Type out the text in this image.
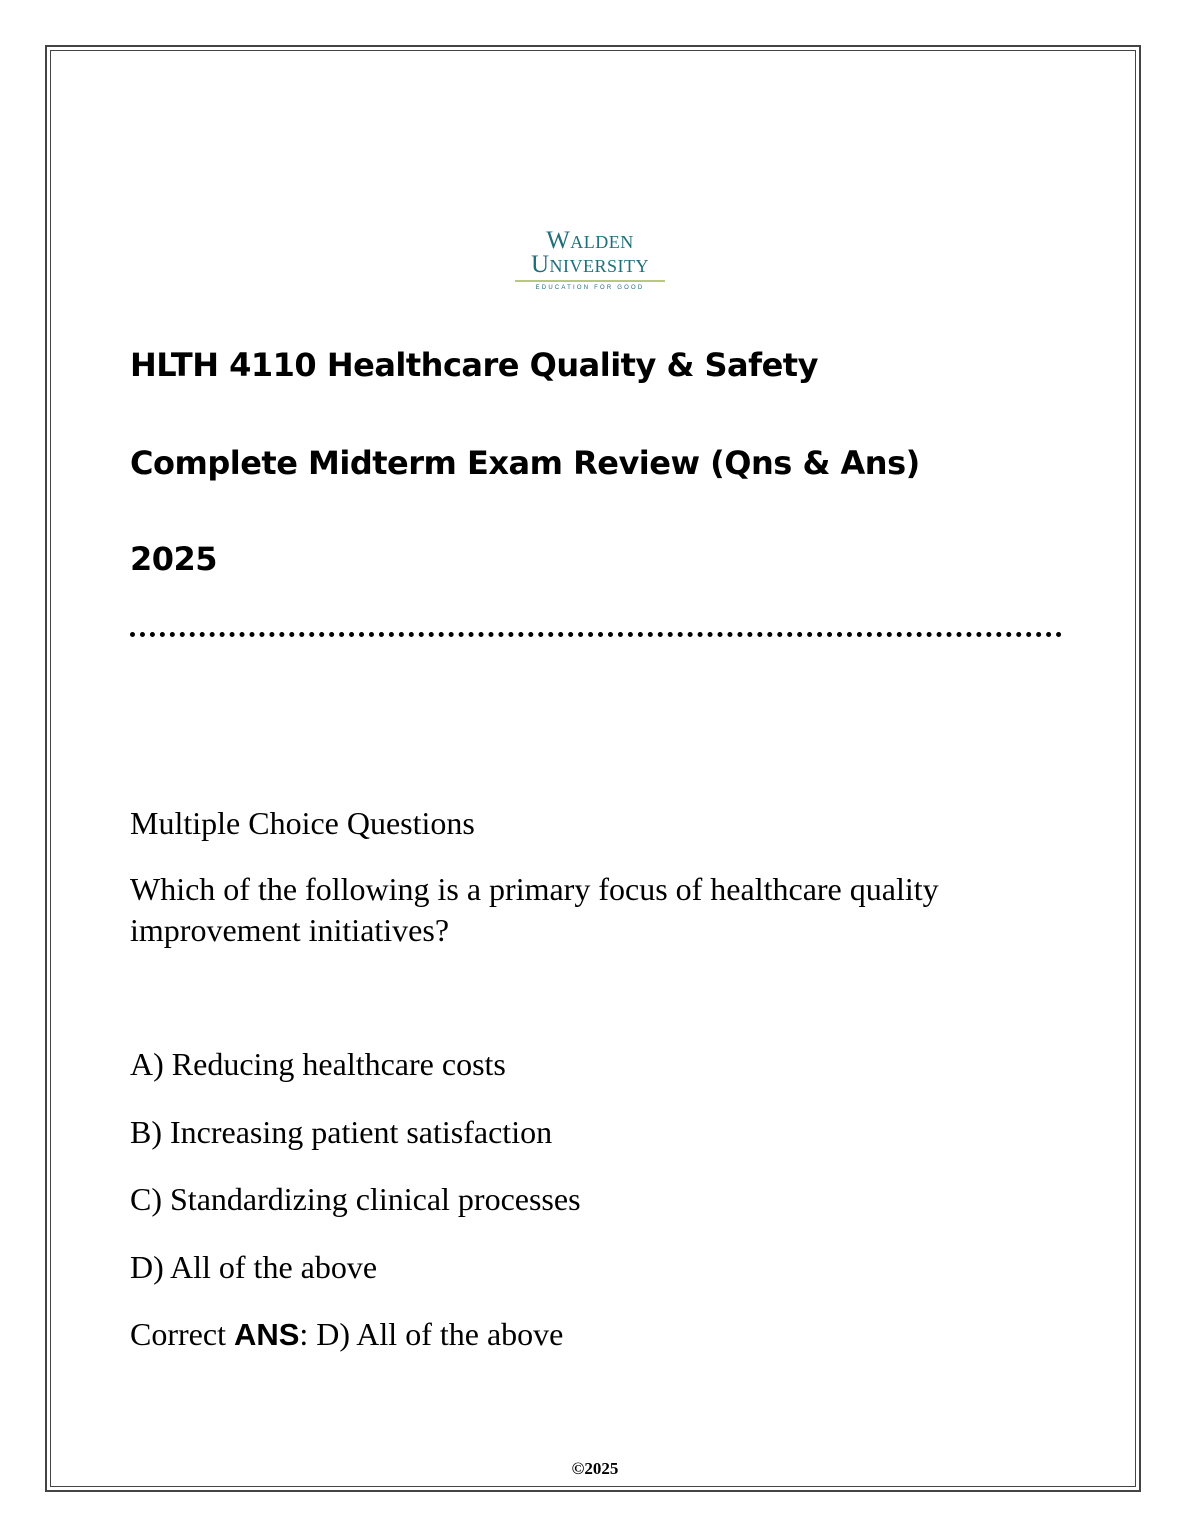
Walden
University
EDUCATION FOR GOOD
HLTH 4110 Healthcare Quality & Safety
Complete Midterm Exam Review (Qns & Ans)
2025
Multiple Choice Questions
Which of the following is a primary focus of healthcare quality improvement initiatives?
A) Reducing healthcare costs
B) Increasing patient satisfaction
C) Standardizing clinical processes
D) All of the above
Correct ANS: D) All of the above
©2025
